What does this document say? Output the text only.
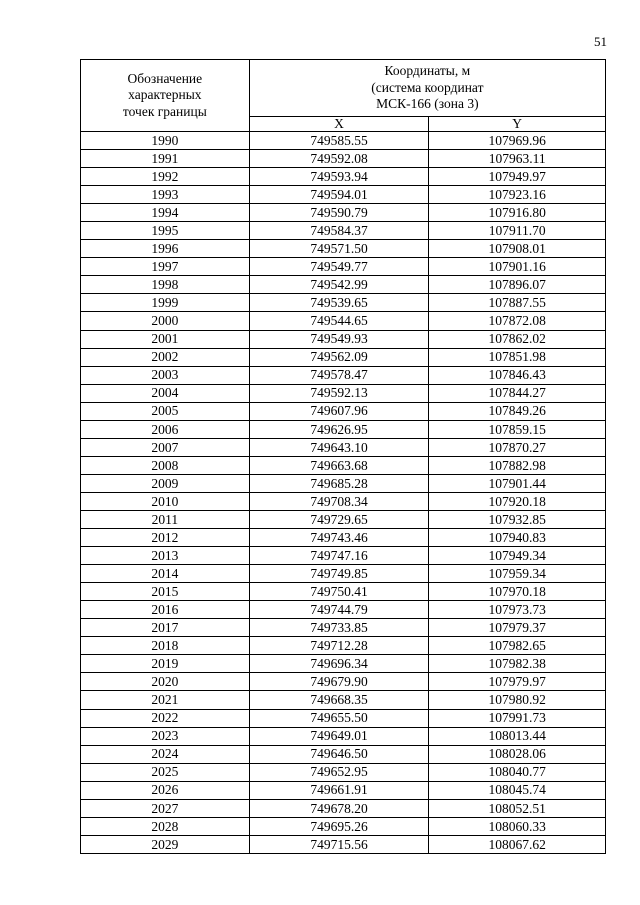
51
Обозначение
характерных
точек границы	Координаты, м
(система координат
МСК-166 (зона 3)	

	X	Y
1990	749585.55	107969.96
1991	749592.08	107963.11
1992	749593.94	107949.97
1993	749594.01	107923.16
1994	749590.79	107916.80
1995	749584.37	107911.70
1996	749571.50	107908.01
1997	749549.77	107901.16
1998	749542.99	107896.07
1999	749539.65	107887.55
2000	749544.65	107872.08
2001	749549.93	107862.02
2002	749562.09	107851.98
2003	749578.47	107846.43
2004	749592.13	107844.27
2005	749607.96	107849.26
2006	749626.95	107859.15
2007	749643.10	107870.27
2008	749663.68	107882.98
2009	749685.28	107901.44
2010	749708.34	107920.18
2011	749729.65	107932.85
2012	749743.46	107940.83
2013	749747.16	107949.34
2014	749749.85	107959.34
2015	749750.41	107970.18
2016	749744.79	107973.73
2017	749733.85	107979.37
2018	749712.28	107982.65
2019	749696.34	107982.38
2020	749679.90	107979.97
2021	749668.35	107980.92
2022	749655.50	107991.73
2023	749649.01	108013.44
2024	749646.50	108028.06
2025	749652.95	108040.77
2026	749661.91	108045.74
2027	749678.20	108052.51
2028	749695.26	108060.33
2029	749715.56	108067.62
